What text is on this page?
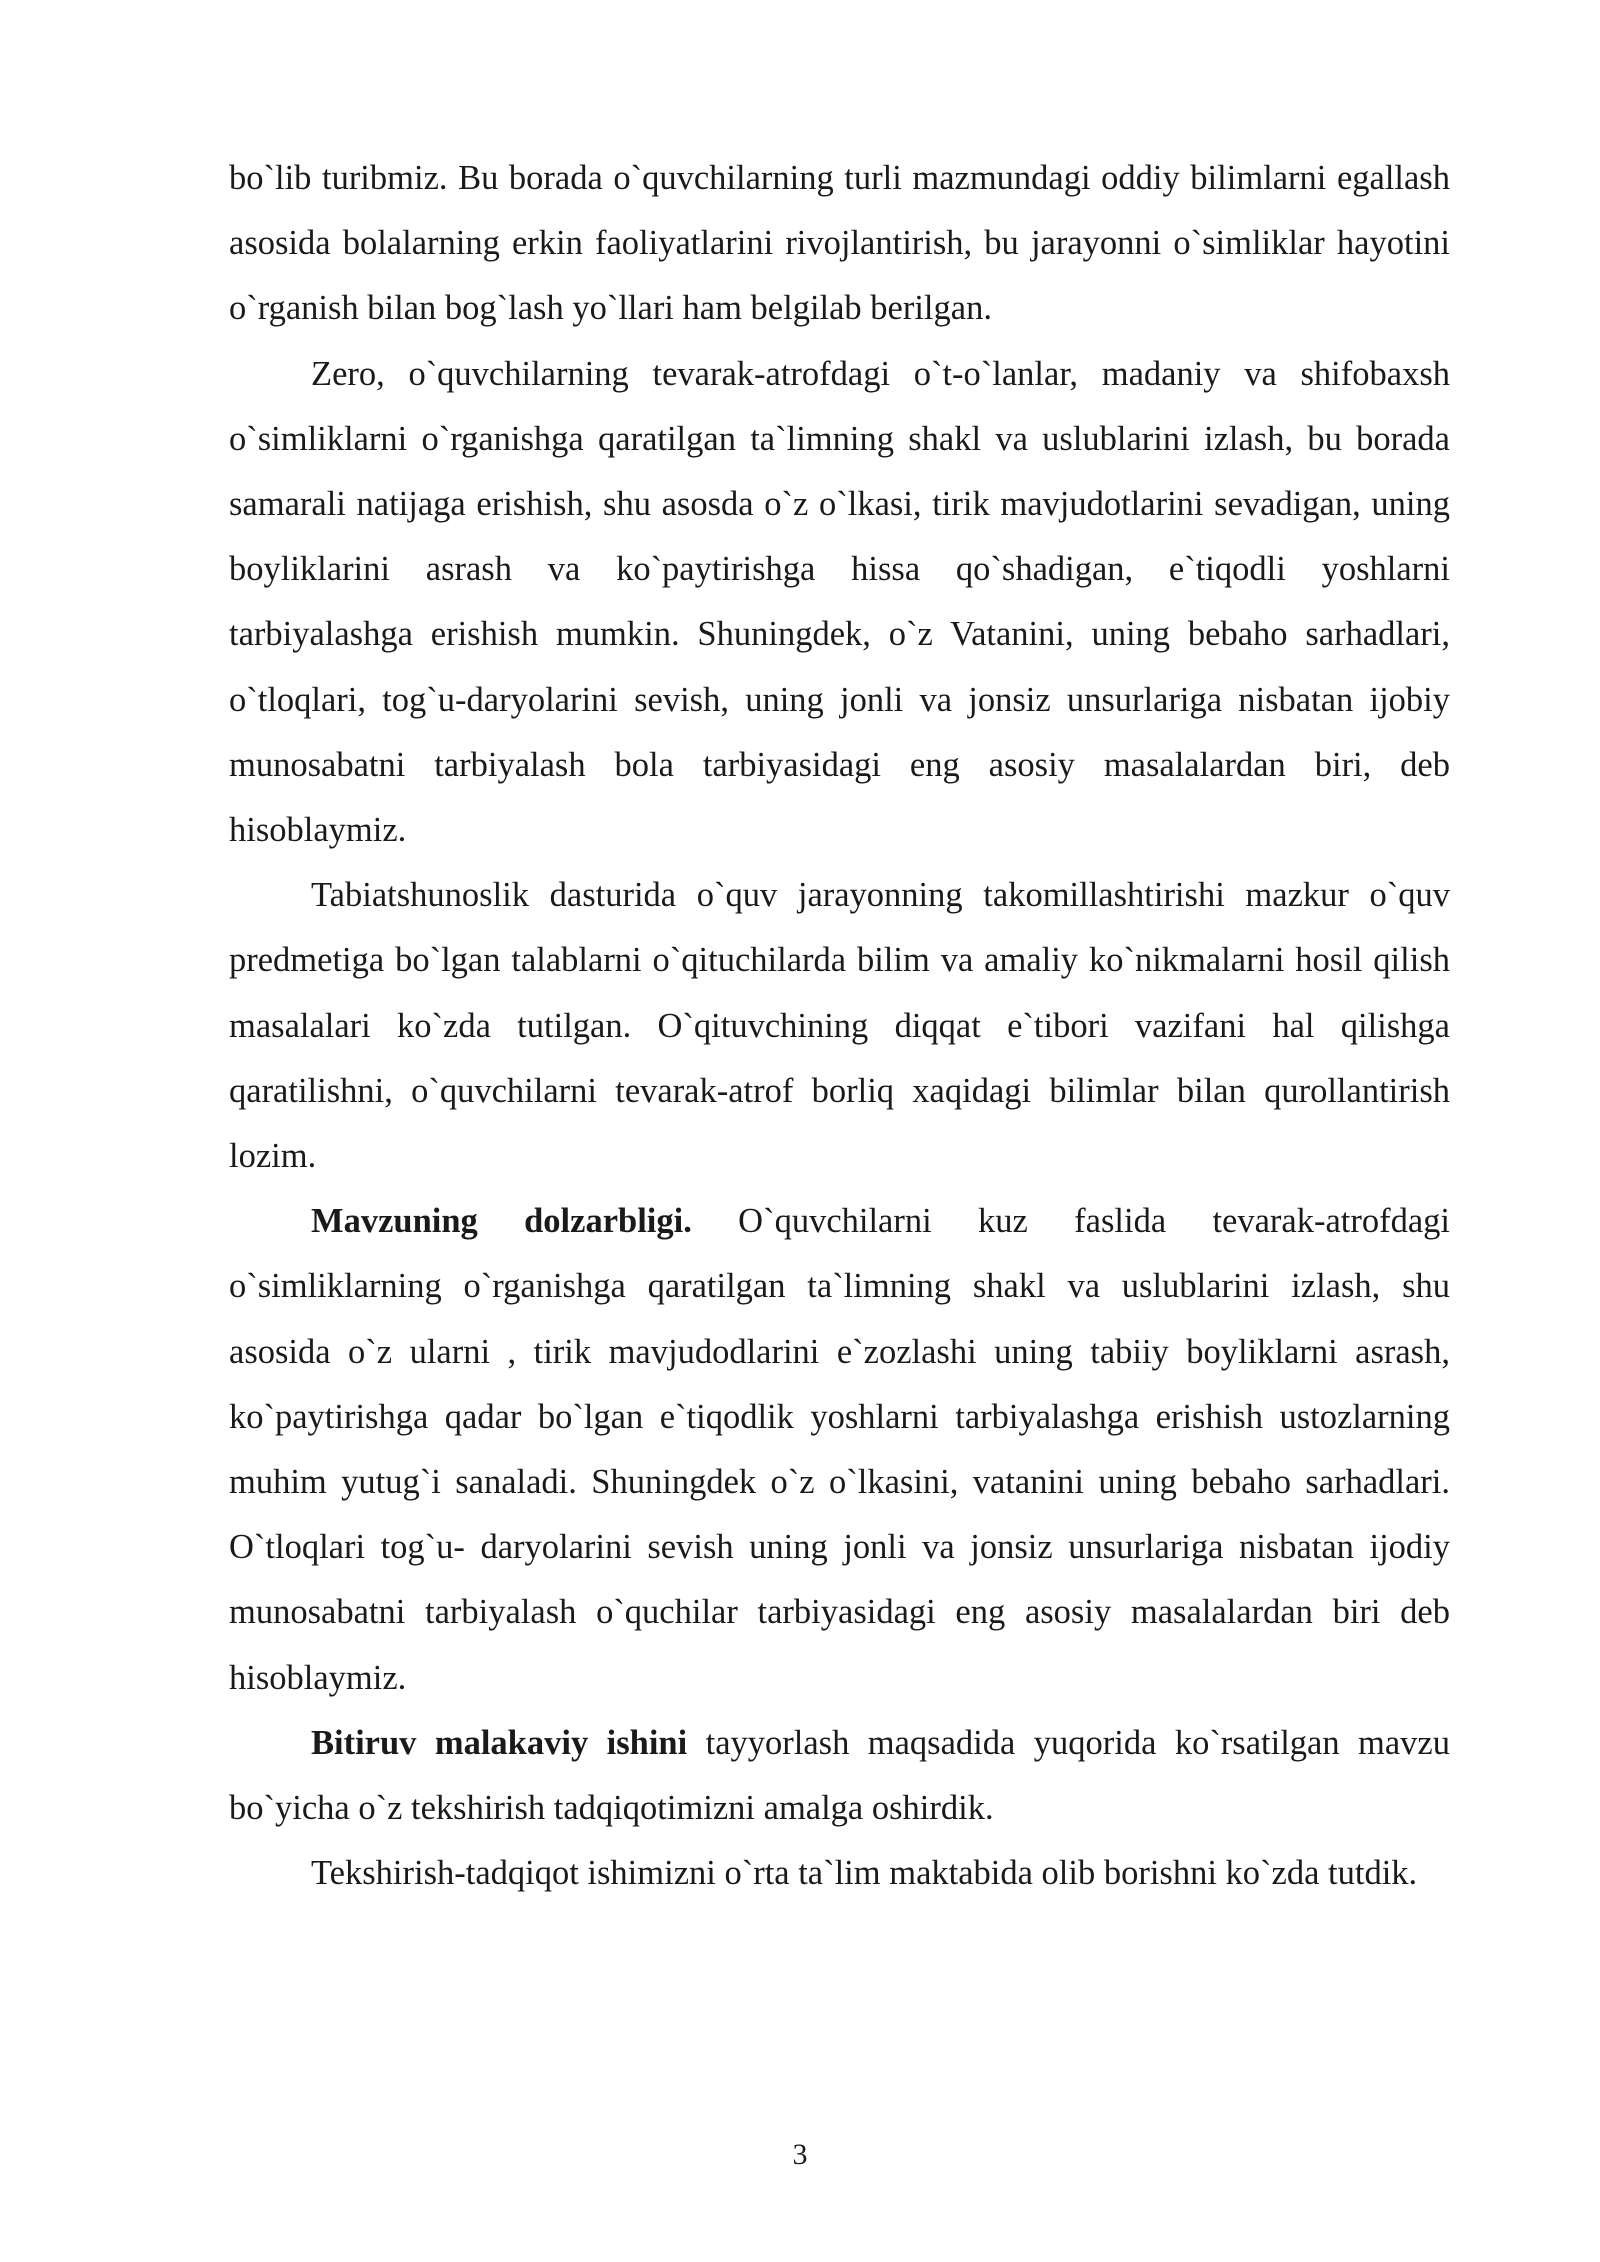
bo`lib turibmiz. Bu borada o`quvchilarning turli mazmundagi oddiy bilimlarni egallash asosida bolalarning erkin faoliyatlarini rivojlantirish, bu jarayonni o`simliklar hayotini o`rganish bilan bog`lash yo`llari ham belgilab berilgan.

Zero, o`quvchilarning tevarak-atrofdagi o`t-o`lanlar, madaniy va shifobaxsh o`simliklarni o`rganishga qaratilgan ta`limning shakl va uslublarini izlash, bu borada samarali natijaga erishish, shu asosda o`z o`lkasi, tirik mavjudotlarini sevadigan, uning boyliklarini asrash va ko`paytirishga hissa qo`shadigan, e`tiqodli yoshlarni tarbiyalashga erishish mumkin. Shuningdek, o`z Vatanini, uning bebaho sarhadlari, o`tloqlari, tog`u-daryolarini sevish, uning jonli va jonsiz unsurlariga nisbatan ijobiy munosabatni tarbiyalash bola tarbiyasidagi eng asosiy masalalardan biri, deb hisoblaymiz.

Tabiatshunoslik dasturida o`quv jarayonning takomillashtirishi mazkur o`quv predmetiga bo`lgan talablarni o`qituchilarda bilim va amaliy ko`nikmalarni hosil qilish masalalari ko`zda tutilgan. O`qituvchining diqqat e`tibori vazifani hal qilishga qaratilishni, o`quvchilarni tevarak-atrof borliq xaqidagi bilimlar bilan qurollantirish lozim.

Mavzuning dolzarbligi. O`quvchilarni kuz faslida tevarak-atrofdagi o`simliklarning o`rganishga qaratilgan ta`limning shakl va uslublarini izlash, shu asosida o`z ularni , tirik mavjudodlarini e`zozlashi uning tabiiy boyliklarni asrash, ko`paytirishga qadar bo`lgan e`tiqodlik yoshlarni tarbiyalashga erishish ustozlarning muhim yutug`i sanaladi. Shuningdek o`z o`lkasini, vatanini uning bebaho sarhadlari. O`tloqlari tog`u- daryolarini sevish uning jonli va jonsiz unsurlariga nisbatan ijodiy munosabatni tarbiyalash o`quchilar tarbiyasidagi eng asosiy masalalardan biri deb hisoblaymiz.

Bitiruv malakaviy ishini tayyorlash maqsadida yuqorida ko`rsatilgan mavzu bo`yicha o`z tekshirish tadqiqotimizni amalga oshirdik.

Tekshirish-tadqiqot ishimizni o`rta ta`lim maktabida olib borishni ko`zda tutdik.

3
